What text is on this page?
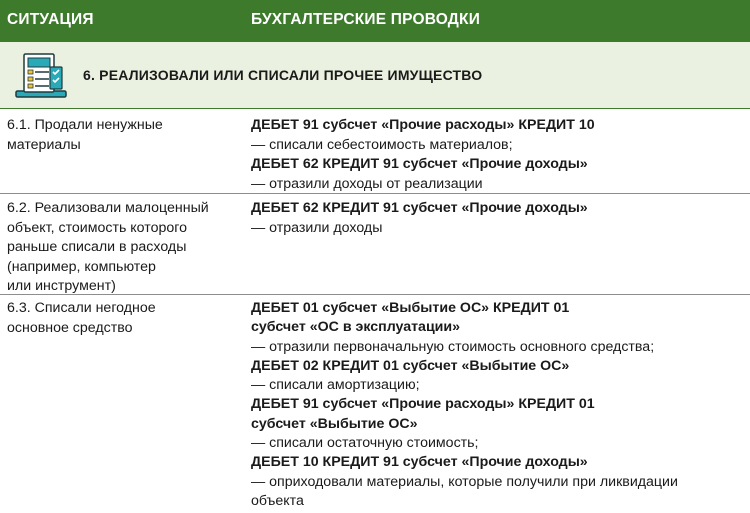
СИТУАЦИЯ	БУХГАЛТЕРСКИЕ ПРОВОДКИ
6. РЕАЛИЗОВАЛИ ИЛИ СПИСАЛИ ПРОЧЕЕ ИМУЩЕСТВО
6.1. Продали ненужные
материалы
ДЕБЕТ 91 субсчет «Прочие расходы» КРЕДИТ 10
— списали себестоимость материалов;
ДЕБЕТ 62 КРЕДИТ 91 субсчет «Прочие доходы»
— отразили доходы от реализации
6.2. Реализовали малоценный
объект, стоимость которого
раньше списали в расходы
(например, компьютер
или инструмент)
ДЕБЕТ 62 КРЕДИТ 91 субсчет «Прочие доходы»
— отразили доходы
6.3. Списали негодное
основное средство
ДЕБЕТ 01 субсчет «Выбытие ОС» КРЕДИТ 01
субсчет «ОС в эксплуатации»
— отразили первоначальную стоимость основного средства;
ДЕБЕТ 02 КРЕДИТ 01 субсчет «Выбытие ОС»
— списали амортизацию;
ДЕБЕТ 91 субсчет «Прочие расходы» КРЕДИТ 01
субсчет «Выбытие ОС»
— списали остаточную стоимость;
ДЕБЕТ 10 КРЕДИТ 91 субсчет «Прочие доходы»
— оприходовали материалы, которые получили при ликвидации
объекта
